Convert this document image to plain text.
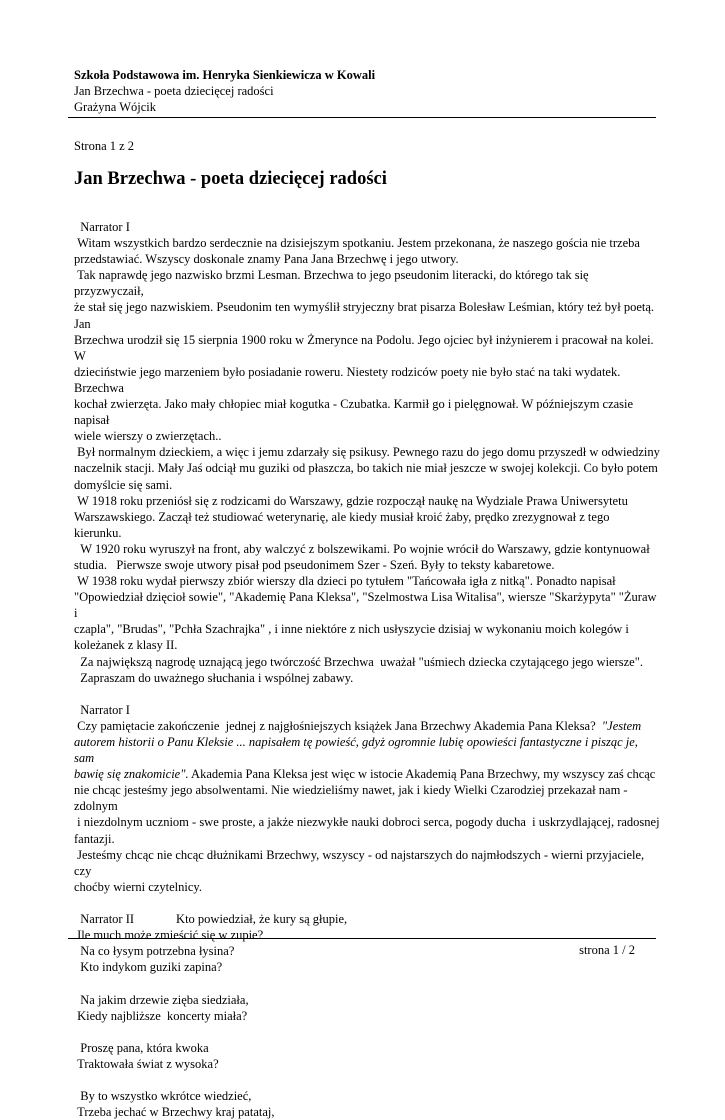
Szkoła Podstawowa im. Henryka Sienkiewicza w Kowali
Jan Brzechwa - poeta dziecięcej radości
Grażyna Wójcik
Strona 1 z 2
Jan Brzechwa - poeta dziecięcej radości

Narrator I

Witam wszystkich bardzo serdecznie na dzisiejszym spotkaniu. Jestem przekonana, że naszego gościa nie trzeba

przedstawiać. Wszyscy doskonale znamy Pana Jana Brzechwę i jego utwory.

Tak naprawdę jego nazwisko brzmi Lesman. Brzechwa to jego pseudonim literacki, do którego tak się przyzwyczaił,

że stał się jego nazwiskiem. Pseudonim ten wymyślił stryjeczny brat pisarza Bolesław Leśmian, który też był poetą. Jan

Brzechwa urodził się 15 sierpnia 1900 roku w Żmerynce na Podolu. Jego ojciec był inżynierem i pracował na kolei. W

dzieciństwie jego marzeniem było posiadanie roweru. Niestety rodziców poety nie było stać na taki wydatek. Brzechwa

kochał zwierzęta. Jako mały chłopiec miał kogutka - Czubatka. Karmił go i pielęgnował. W późniejszym czasie napisał

wiele wierszy o zwierzętach..

Był normalnym dzieckiem, a więc i jemu zdarzały się psikusy. Pewnego razu do jego domu przyszedł w odwiedziny

naczelnik stacji. Mały Jaś odciął mu guziki od płaszcza, bo takich nie miał jeszcze w swojej kolekcji. Co było potem

domyślcie się sami.

W 1918 roku przeniósł się z rodzicami do Warszawy, gdzie rozpoczął naukę na Wydziale Prawa Uniwersytetu

Warszawskiego. Zaczął też studiować weterynarię, ale kiedy musiał kroić żaby, prędko zrezygnował z tego kierunku.

W 1920 roku wyruszył na front, aby walczyć z bolszewikami. Po wojnie wrócił do Warszawy, gdzie kontynuował

studia.   Pierwsze swoje utwory pisał pod pseudonimem Szer - Szeń. Były to teksty kabaretowe.

W 1938 roku wydał pierwszy zbiór wierszy dla dzieci po tytułem "Tańcowała igła z nitką". Ponadto napisał

"Opowiedział dzięcioł sowie", "Akademię Pana Kleksa", "Szelmostwa Lisa Witalisa", wiersze "Skarżypyta" "Żuraw i

czapla", "Brudas", "Pchła Szachrajka" , i inne niektóre z nich usłyszycie dzisiaj w wykonaniu moich kolegów i

koleżanek z klasy II.

Za największą nagrodę uznającą jego twórczość Brzechwa  uważał "uśmiech dziecka czytającego jego wiersze".

Zapraszam do uważnego słuchania i wspólnej zabawy.

Narrator I

Czy pamiętacie zakończenie  jednej z najgłośniejszych książek Jana Brzechwy Akademia Pana Kleksa?  "Jestem

autorem historii o Panu Kleksie ... napisałem tę powieść, gdyż ogromnie lubię opowieści fantastyczne i pisząc je, sam

bawię się znakomicie". Akademia Pana Kleksa jest więc w istocie Akademią Pana Brzechwy, my wszyscy zaś chcąc

nie chcąc jesteśmy jego absolwentami. Nie wiedzieliśmy nawet, jak i kiedy Wielki Czarodziej przekazał nam - zdolnym

i niezdolnym uczniom - swe proste, a jakże niezwykłe nauki dobroci serca, pogody ducha  i uskrzydlającej, radosnej

fantazji.

Jesteśmy chcąc nie chcąc dłużnikami Brzechwy, wszyscy - od najstarszych do najmłodszych - wierni przyjaciele, czy

choćby wierni czytelnicy.

Narrator II	Kto powiedział, że kury są głupie,

Ile much może zmieścić się w zupie?

Na co łysym potrzebna łysina?

Kto indykom guziki zapina?

Na jakim drzewie zięba siedziała,

Kiedy najbliższe  koncerty miała?

Proszę pana, która kwoka

Traktowała świat z wysoka?

By to wszystko wkrótce wiedzieć,

Trzeba jechać w Brzechwy kraj patataj,

strona 1 / 2
